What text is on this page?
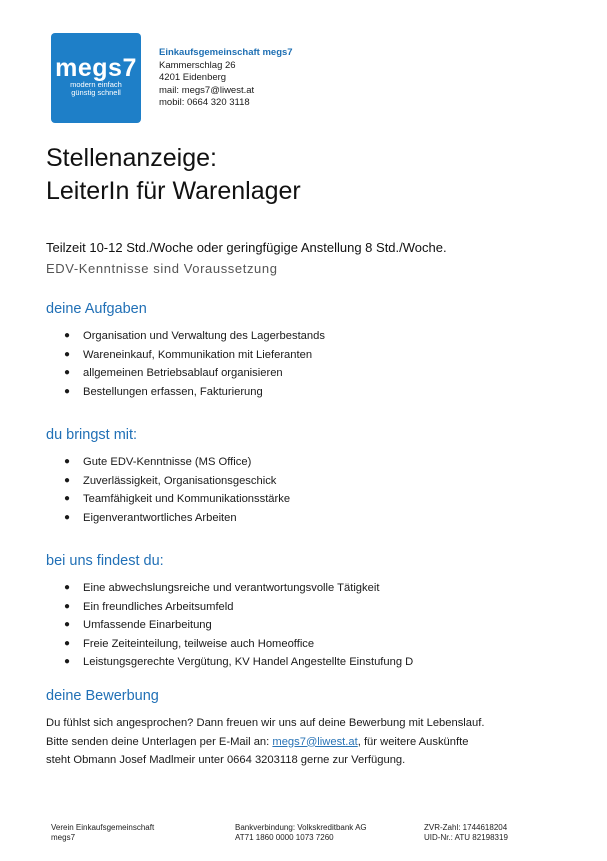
megs7
modern einfach
günstig schnell
Einkaufsgemeinschaft megs7
Kammerschlag 26
4201 Eidenberg
mail: megs7@liwest.at
mobil: 0664 320 3118
Stellenanzeige:
LeiterIn für Warenlager
Teilzeit 10-12 Std./Woche oder geringfügige Anstellung 8 Std./Woche.
EDV-Kenntnisse sind Voraussetzung
deine Aufgaben
● Organisation und Verwaltung des Lagerbestands
● Wareneinkauf, Kommunikation mit Lieferanten
● allgemeinen Betriebsablauf organisieren
● Bestellungen erfassen, Fakturierung
du bringst mit:
● Gute EDV-Kenntnisse (MS Office)
● Zuverlässigkeit, Organisationsgeschick
● Teamfähigkeit und Kommunikationsstärke
● Eigenverantwortliches Arbeiten
bei uns findest du:
● Eine abwechslungsreiche und verantwortungsvolle Tätigkeit
● Ein freundliches Arbeitsumfeld
● Umfassende Einarbeitung
● Freie Zeiteinteilung, teilweise auch Homeoffice
● Leistungsgerechte Vergütung, KV Handel Angestellte Einstufung D
deine Bewerbung
Du fühlst sich angesprochen? Dann freuen wir uns auf deine Bewerbung mit Lebenslauf.
Bitte senden deine Unterlagen per E-Mail an: megs7@liwest.at, für weitere Auskünfte
steht Obmann Josef Madlmeir unter 0664 3203118 gerne zur Verfügung.
Verein Einkaufsgemeinschaft
megs7
Bankverbindung: Volkskreditbank AG
AT71 1860 0000 1073 7260
ZVR-Zahl: 1744618204
UID-Nr.: ATU 82198319
